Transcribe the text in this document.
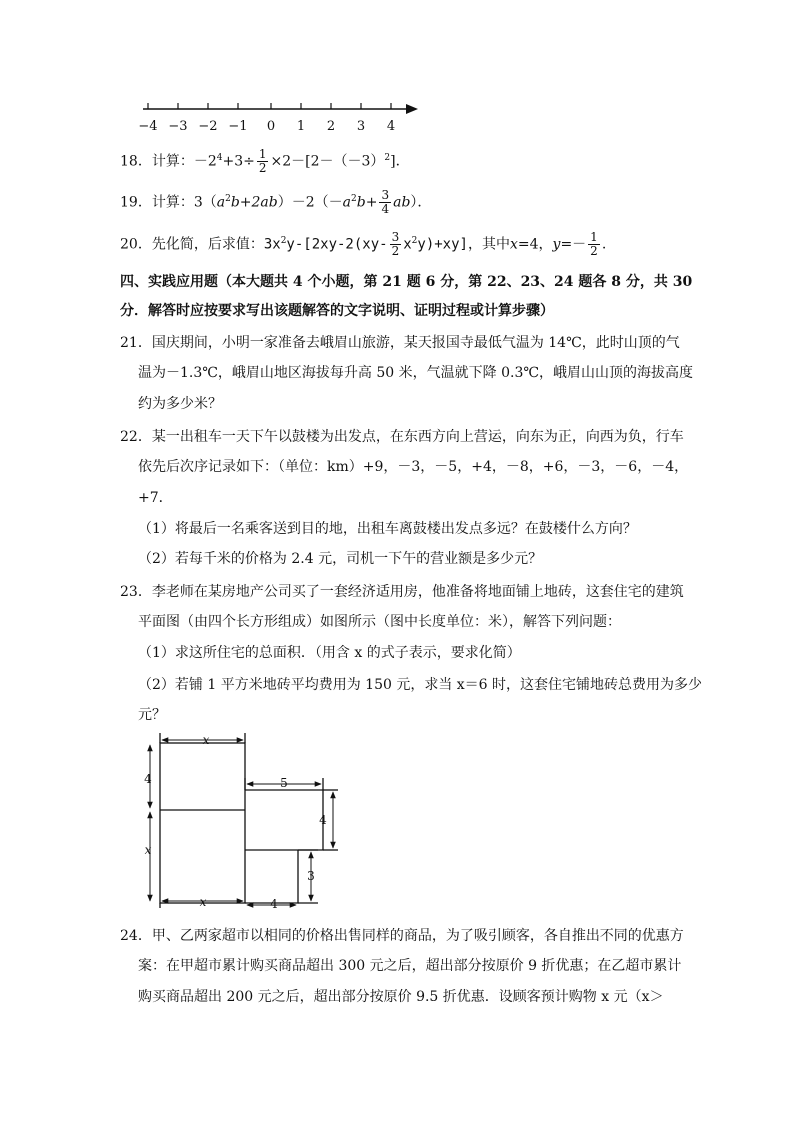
−4 −3 −2 −1 0 1 2 3 4
18．计算：$-2^4+3\div \frac{1}{2} \times 2-[2-(-3)^2]$．
19．计算：$3(a^2b+2ab)-2(-a^2b+ \frac{3}{4} ab)$．
20．先化简，后求值：$3x^2y-[2xy-2(xy- \frac{3}{2} x^2y)+xy]$，其中x=4，$y=- \frac{1}{2}$ .
四、实践应用题（本大题共 4 个小题，第 21 题 6 分，第 22、23、24 题各 8 分，共 30
分．解答时应按要求写出该题解答的文字说明、证明过程或计算步骤）
21．国庆期间，小明一家准备去峨眉山旅游，某天报国寺最低气温为 14℃，此时山顶的气
温为－1.3℃，峨眉山地区海拔每升高 50 米，气温就下降 0.3℃，峨眉山山顶的海拔高度
约为多少米？
22．某一出租车一天下午以鼓楼为出发点，在东西方向上营运，向东为正，向西为负，行车
依先后次序记录如下：（单位：km）+9，－3，－5，+4，－8，+6，－3，－6，－4，
+7．
（1）将最后一名乘客送到目的地，出租车离鼓楼出发点多远？在鼓楼什么方向？
（2）若每千米的价格为 2.4 元，司机一下午的营业额是多少元？
23．李老师在某房地产公司买了一套经济适用房，他准备将地面铺上地砖，这套住宅的建筑
平面图（由四个长方形组成）如图所示（图中长度单位：米），解答下列问题：
（1）求这所住宅的总面积．（用含 x 的式子表示，要求化简）
（2）若铺 1 平方米地砖平均费用为 150 元，求当 x＝6 时，这套住宅铺地砖总费用为多少
元？
x
x
x
4	5
4
3
4
24．甲、乙两家超市以相同的价格出售同样的商品，为了吸引顾客，各自推出不同的优惠方
案：在甲超市累计购买商品超出 300 元之后，超出部分按原价 9 折优惠；在乙超市累计
购买商品超出 200 元之后，超出部分按原价 9.5 折优惠．设顾客预计购物 x 元（x＞
